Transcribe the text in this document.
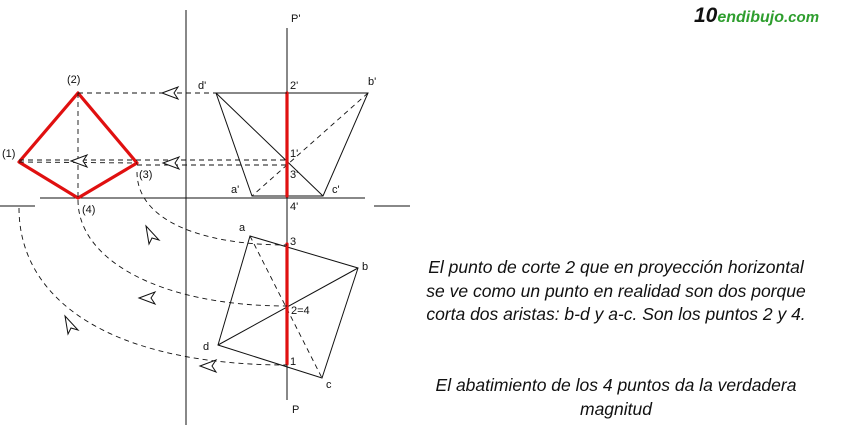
10endibujo.com
P'
d'	2'	b'
1'
3'
a'	c'
4'
a
3
b
2=4
d
1
c
P
(2)
(1)
(3)
(4)

El punto de corte 2 que en proyección horizontal se ve como un punto en realidad son dos porque corta dos aristas: b-d y a-c. Son los puntos 2 y 4.

El abatimiento de los 4 puntos da la verdadera magnitud
